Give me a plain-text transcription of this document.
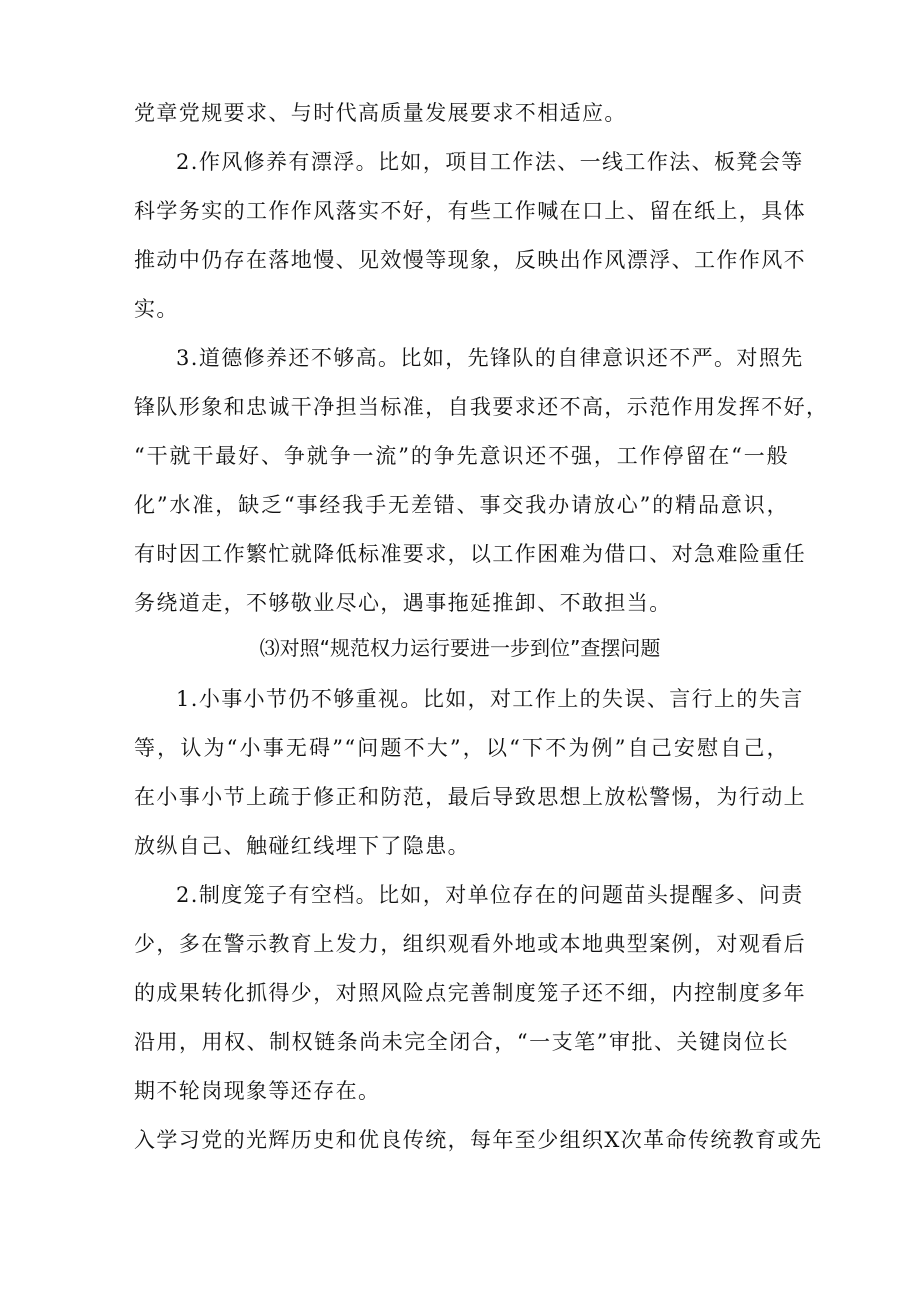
党章党规要求、与时代高质量发展要求不相适应。
2.作风修养有漂浮。比如，项目工作法、一线工作法、板凳会等
科学务实的工作作风落实不好，有些工作喊在口上、留在纸上，具体
推动中仍存在落地慢、见效慢等现象，反映出作风漂浮、工作作风不
实。
3.道德修养还不够高。比如，先锋队的自律意识还不严。对照先
锋队形象和忠诚干净担当标准，自我要求还不高，示范作用发挥不好，
“干就干最好、争就争一流”的争先意识还不强，工作停留在“一般
化”水准，缺乏“事经我手无差错、事交我办请放心”的精品意识，
有时因工作繁忙就降低标准要求，以工作困难为借口、对急难险重任
务绕道走，不够敬业尽心，遇事拖延推卸、不敢担当。
⑶对照“规范权力运行要进一步到位”查摆问题
1.小事小节仍不够重视。比如，对工作上的失误、言行上的失言
等，认为“小事无碍”“问题不大”，以“下不为例”自己安慰自己，
在小事小节上疏于修正和防范，最后导致思想上放松警惕，为行动上
放纵自己、触碰红线埋下了隐患。
2.制度笼子有空档。比如，对单位存在的问题苗头提醒多、问责
少，多在警示教育上发力，组织观看外地或本地典型案例，对观看后
的成果转化抓得少，对照风险点完善制度笼子还不细，内控制度多年
沿用，用权、制权链条尚未完全闭合，“一支笔”审批、关键岗位长
期不轮岗现象等还存在。
入学习党的光辉历史和优良传统，每年至少组织X次革命传统教育或先
